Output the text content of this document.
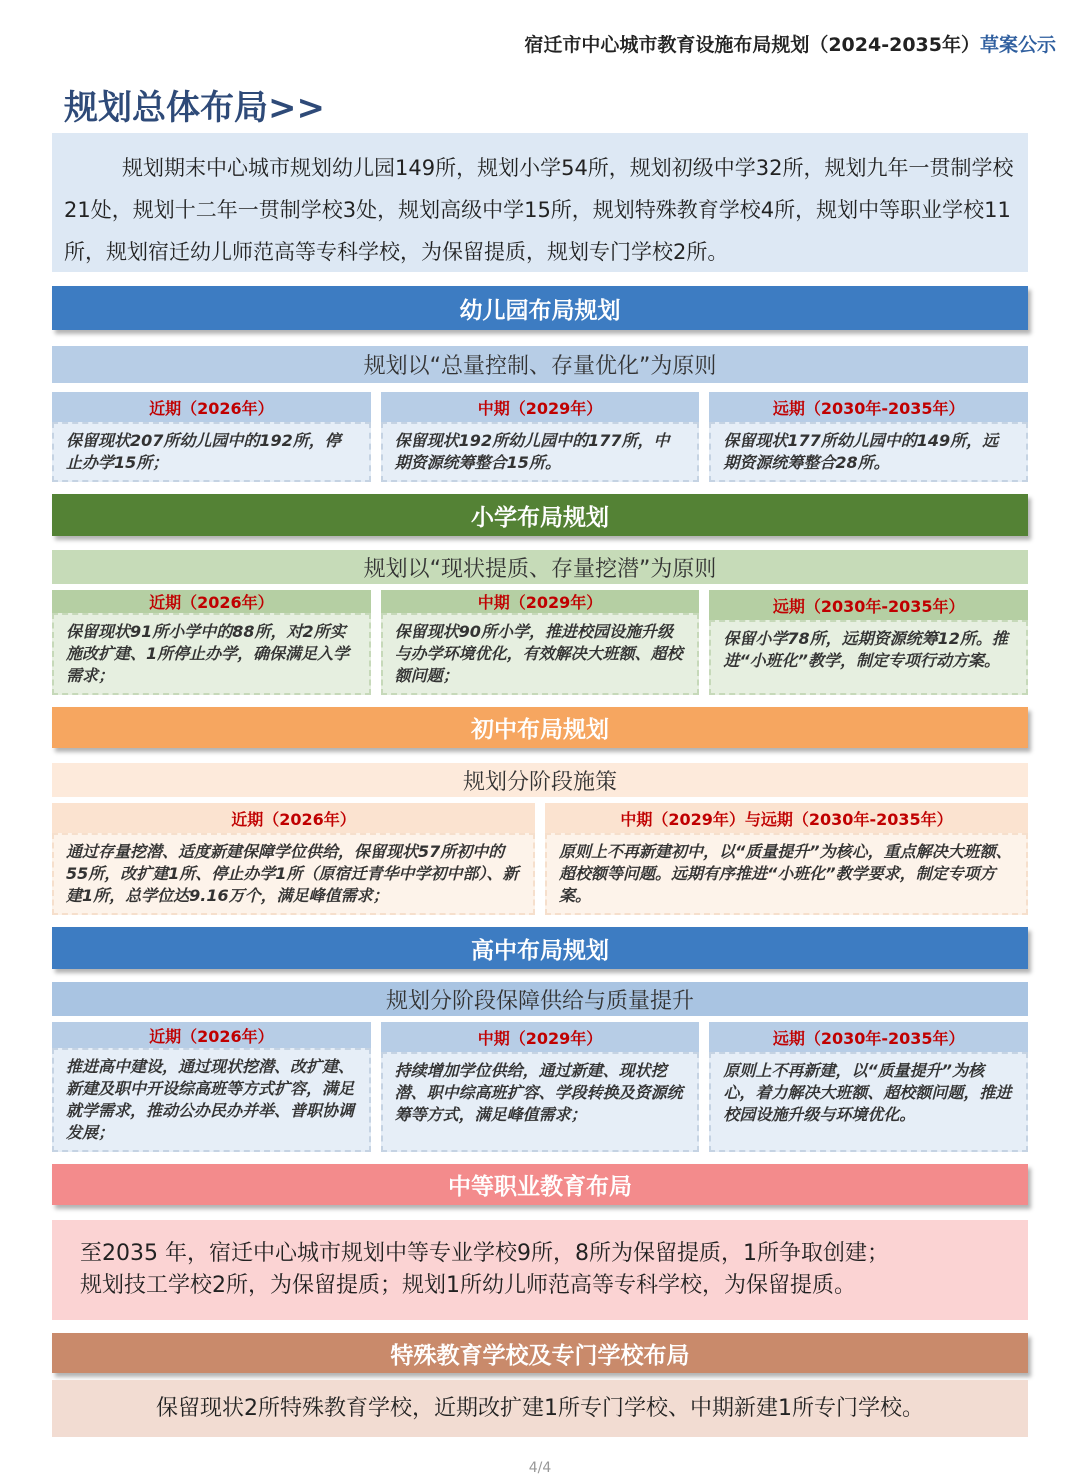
宿迁市中心城市教育设施布局规划（2024-2035年）草案公示
规划总体布局>>
规划期末中心城市规划幼儿园149所，规划小学54所，规划初级中学32所，规划九年一贯制学校21处，规划十二年一贯制学校3处，规划高级中学15所，规划特殊教育学校4所，规划中等职业学校11所，规划宿迁幼儿师范高等专科学校，为保留提质，规划专门学校2所。
幼儿园布局规划
规划以“总量控制、存量优化”为原则
近期（2026年）
保留现状207所幼儿园中的192所，停止办学15所；
中期（2029年）
保留现状192所幼儿园中的177所，中期资源统筹整合15所。
远期（2030年-2035年）
保留现状177所幼儿园中的149所，远期资源统筹整合28所。
小学布局规划
规划以“现状提质、存量挖潜”为原则
近期（2026年）
保留现状91所小学中的88所，对2所实施改扩建、1所停止办学，确保满足入学需求；
中期（2029年）
保留现状90所小学，推进校园设施升级与办学环境优化，有效解决大班额、超校额问题；
远期（2030年-2035年）
保留小学78所，远期资源统筹12所。推进“小班化”教学，制定专项行动方案。
初中布局规划
规划分阶段施策
近期（2026年）
通过存量挖潜、适度新建保障学位供给，保留现状57所初中的55所，改扩建1所、停止办学1所（原宿迁青华中学初中部）、新建1所，总学位达9.16万个，满足峰值需求；
中期（2029年）与远期（2030年-2035年）
原则上不再新建初中，以“质量提升”为核心，重点解决大班额、超校额等问题。远期有序推进“小班化”教学要求，制定专项方案。
高中布局规划
规划分阶段保障供给与质量提升
近期（2026年）
推进高中建设，通过现状挖潜、改扩建、新建及职中开设综高班等方式扩容，满足就学需求，推动公办民办并举、普职协调发展；
中期（2029年）
持续增加学位供给，通过新建、现状挖潜、职中综高班扩容、学段转换及资源统筹等方式，满足峰值需求；
远期（2030年-2035年）
原则上不再新建，以“质量提升”为核心，着力解决大班额、超校额问题，推进校园设施升级与环境优化。
中等职业教育布局
至2035 年，宿迁中心城市规划中等专业学校9所，8所为保留提质，1所争取创建；
规划技工学校2所，为保留提质；规划1所幼儿师范高等专科学校，为保留提质。
特殊教育学校及专门学校布局
保留现状2所特殊教育学校，近期改扩建1所专门学校、中期新建1所专门学校。
4/4
